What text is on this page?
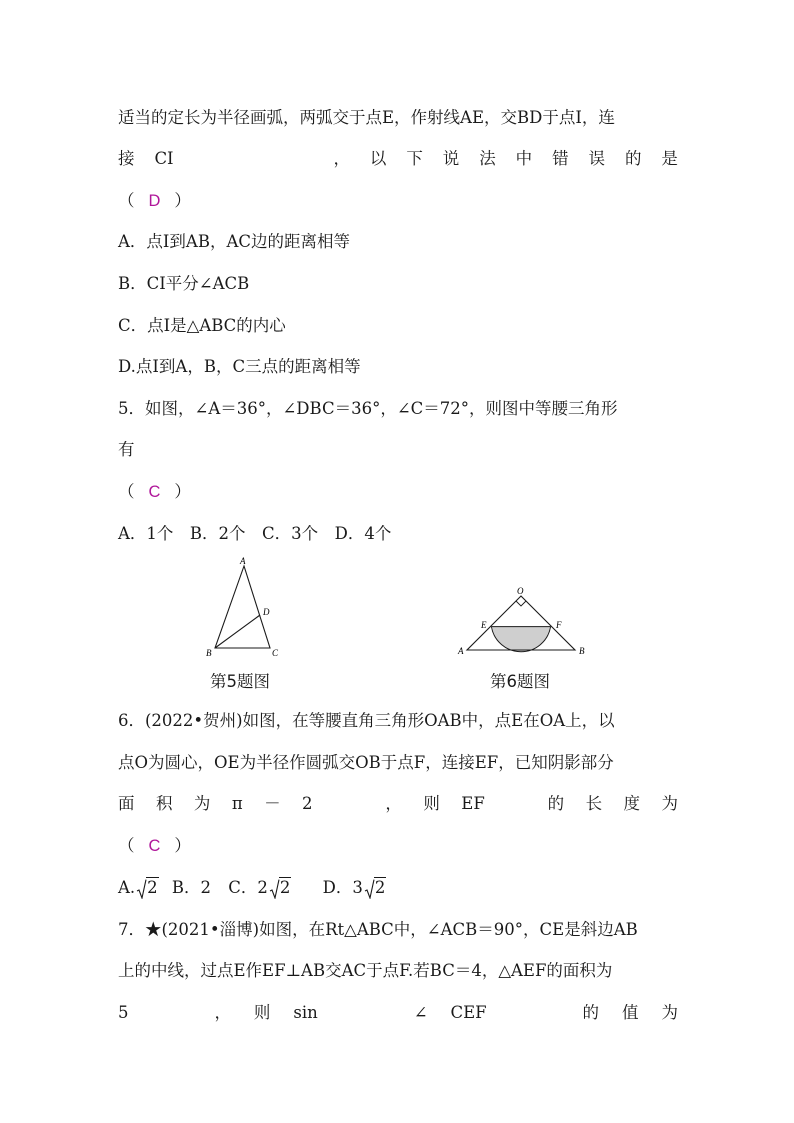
适当的定长为半径画弧，两弧交于点E，作射线AE，交BD于点I，连
接 CI	， 以 下 说 法 中 错 误 的 是
（ D ）
A．点I到AB，AC边的距离相等
B．CI平分∠ACB
C．点I是△ABC的内心
D.点I到A，B，C三点的距离相等
5．如图，∠A＝36°，∠DBC＝36°，∠C＝72°，则图中等腰三角形
有
（ C ）
A．1个　B．2个　C．3个　D．4个
A
B	C
D
第5题图
O
E	F
A	B
第6题图
6．(2022•贺州)如图，在等腰直角三角形OAB中，点E在OA上，以
点O为圆心，OE为半径作圆弧交OB于点F，连接EF，已知阴影部分
面 积 为 π － 2	， 则 EF	的 长 度 为
（ C ）
A. 2 B．2 C．2 2 D．3 2
7．★(2021•淄博)如图，在Rt△ABC中，∠ACB＝90°，CE是斜边AB
上的中线，过点E作EF⊥AB交AC于点F.若BC＝4，△AEF的面积为
5	， 则 sin	∠ CEF	的 值 为
